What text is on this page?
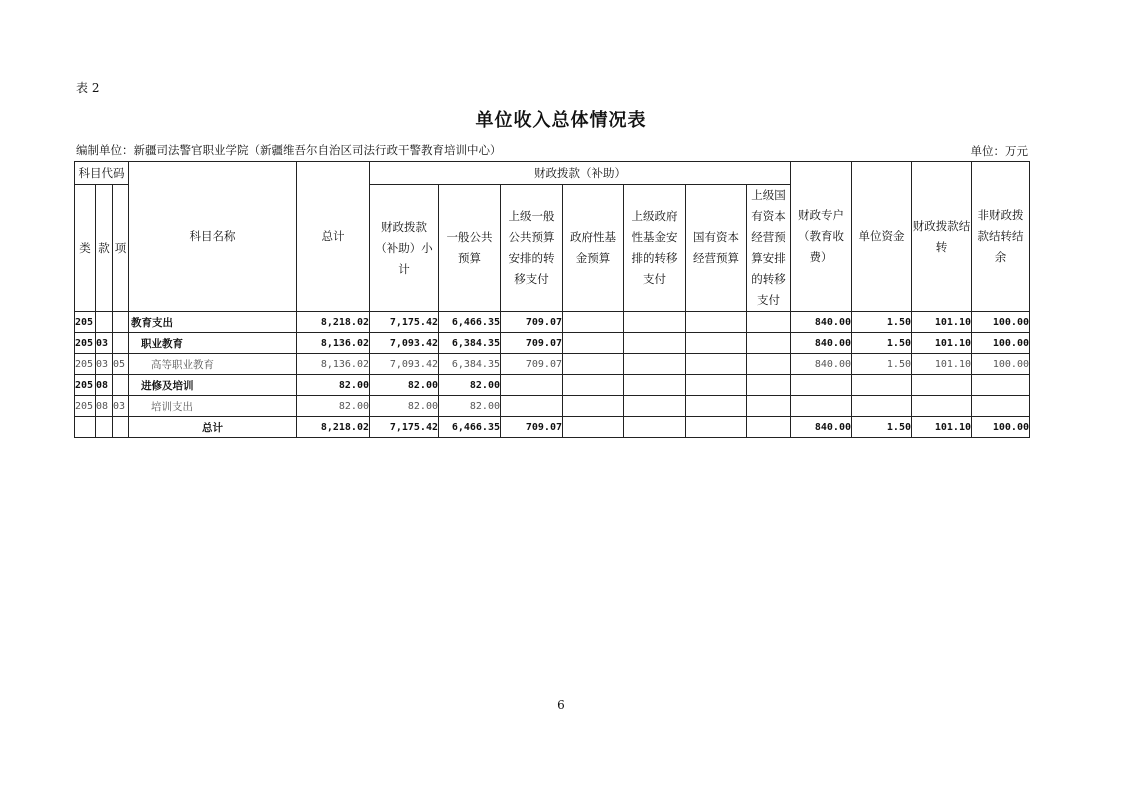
表 2
单位收入总体情况表
编制单位：新疆司法警官职业学院（新疆维吾尔自治区司法行政干警教育培训中心）	单位：万元
科目代码			科目名称	总计	财政拨款（补助）							财政专户（教育收费）	单位资金	财政拨款结转	非财政拨款结转结余
类	款	项			财政拨款（补助）小计	一般公共预算	上级一般公共预算安排的转移支付	政府性基金预算	上级政府性基金安排的转移支付	国有资本经营预算	上级国有资本经营预算安排的转移支付				
205			教育支出	8,218.02	7,175.42	6,466.35	709.07					840.00	1.50	101.10	100.00
205	03		职业教育	8,136.02	7,093.42	6,384.35	709.07					840.00	1.50	101.10	100.00
205	03	05	高等职业教育	8,136.02	7,093.42	6,384.35	709.07					840.00	1.50	101.10	100.00
205	08		进修及培训	82.00	82.00	82.00									
205	08	03	培训支出	82.00	82.00	82.00									
			总计	8,218.02	7,175.42	6,466.35	709.07					840.00	1.50	101.10	100.00
6
